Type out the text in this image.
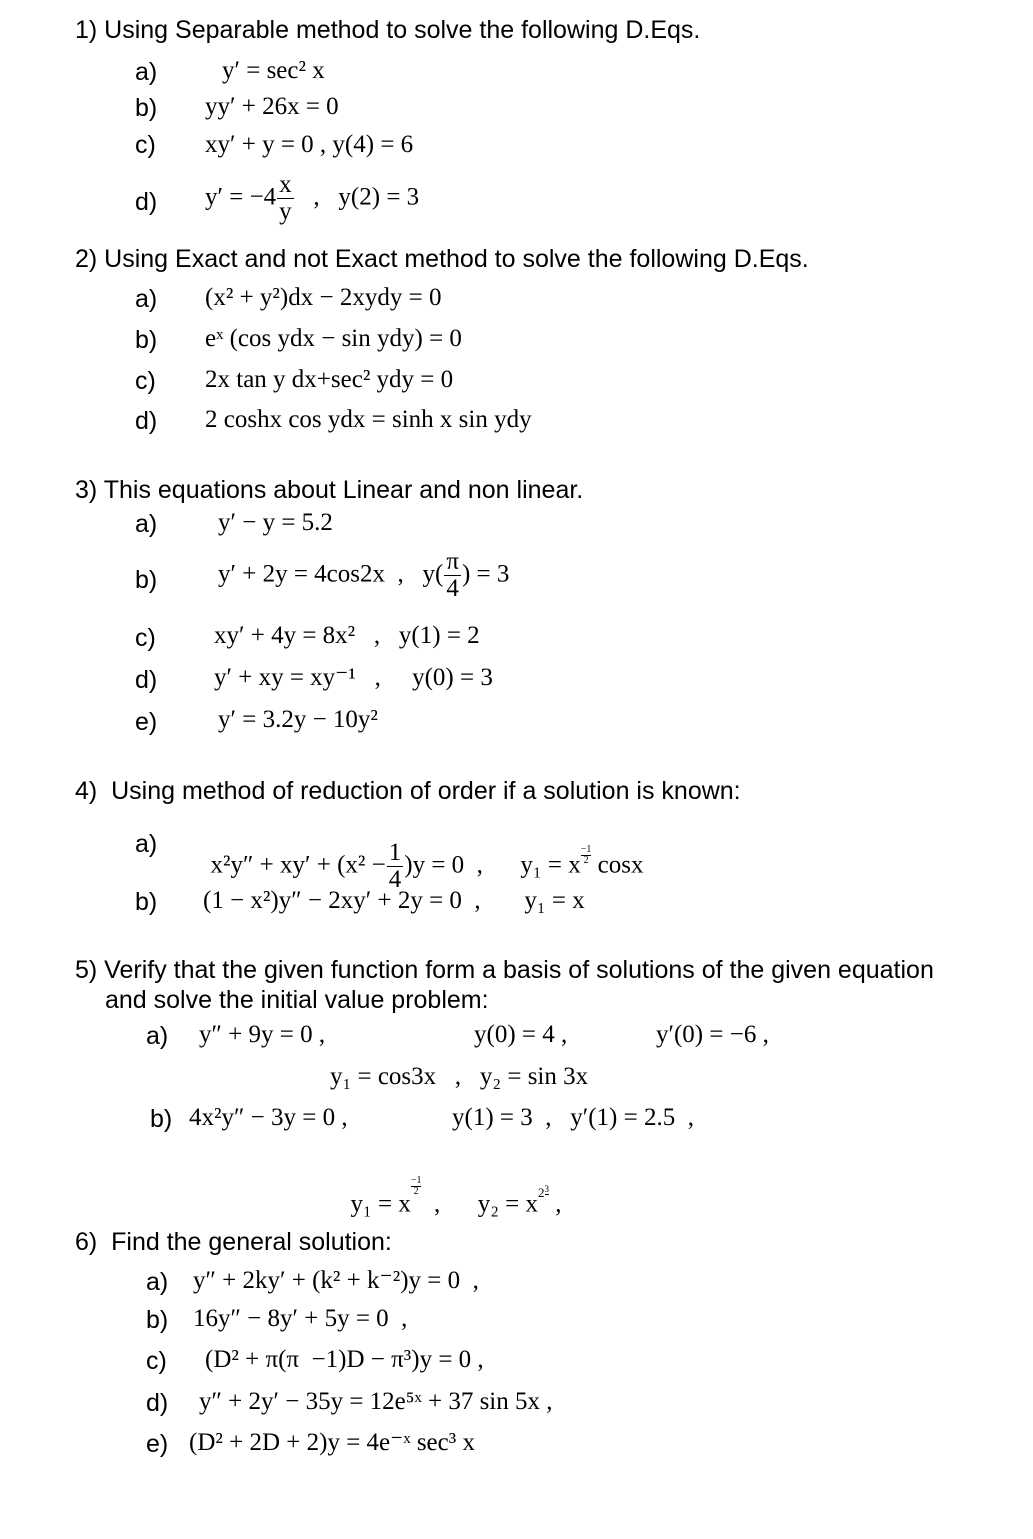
1) Using Separable method to solve the following D.Eqs.
a)	y′ = sec² x
b) yy′ + 26x = 0
c) xy′ + y = 0 , y(4) = 6
d) $y' = -4 \frac{x}{y}$ ,   y(2) = 3
2) Using Exact and not Exact method to solve the following D.Eqs.
a) (x² + y²)dx − 2xydy = 0
b) eˣ (cos ydx − sin ydy) = 0
c) 2x tan y dx+sec² ydy = 0
d) 2 coshx cos ydx = sinh x sin ydy
3) This equations about Linear and non linear.
a) y′ − y = 5.2
b) y′ + 2y = 4cos2x  ,   $y( \frac{\pi}{4}$ ) = 3
c) xy′ + 4y = 8x²   ,   y(1) = 2
d) y′ + xy = xy⁻¹   ,     y(0) = 3
e) y′ = 3.2y − 10y²
4)  Using method of reduction of order if a solution is known:
a)

$x^2y'' + xy' + (x^2 - \frac{1}{4} )y = 0$  ,      y₁ = x $\frac{-1}{2}$ cosx

b) (1 − x²)y″ − 2xy′ + 2y = 0  ,       y₁ = x
5) Verify that the given function form a basis of solutions of the given equation
and solve the initial value problem:
a) y″ + 9y = 0 ,	y(0) = 4 ,	y′(0) = −6 ,
y₁ = cos3x   ,   y₂ = sin 3x
b) 4x²y″ − 3y = 0 ,	y(1) = 3  ,   y′(1) = 2.5  ,

y₁ = x
$\frac{-1}{2}$
,      $y_2 = x^{2 3}$
,

6)  Find the general solution:
a) y″ + 2ky′ + (k² + k⁻²)y = 0  ,
b) 16y″ − 8y′ + 5y = 0  ,
c) (D² + π(π  −1)D − π³)y = 0 ,
d) y″ + 2y′ − 35y = 12e⁵ˣ + 37 sin 5x ,
e) (D² + 2D + 2)y = 4e⁻ˣ sec³ x
